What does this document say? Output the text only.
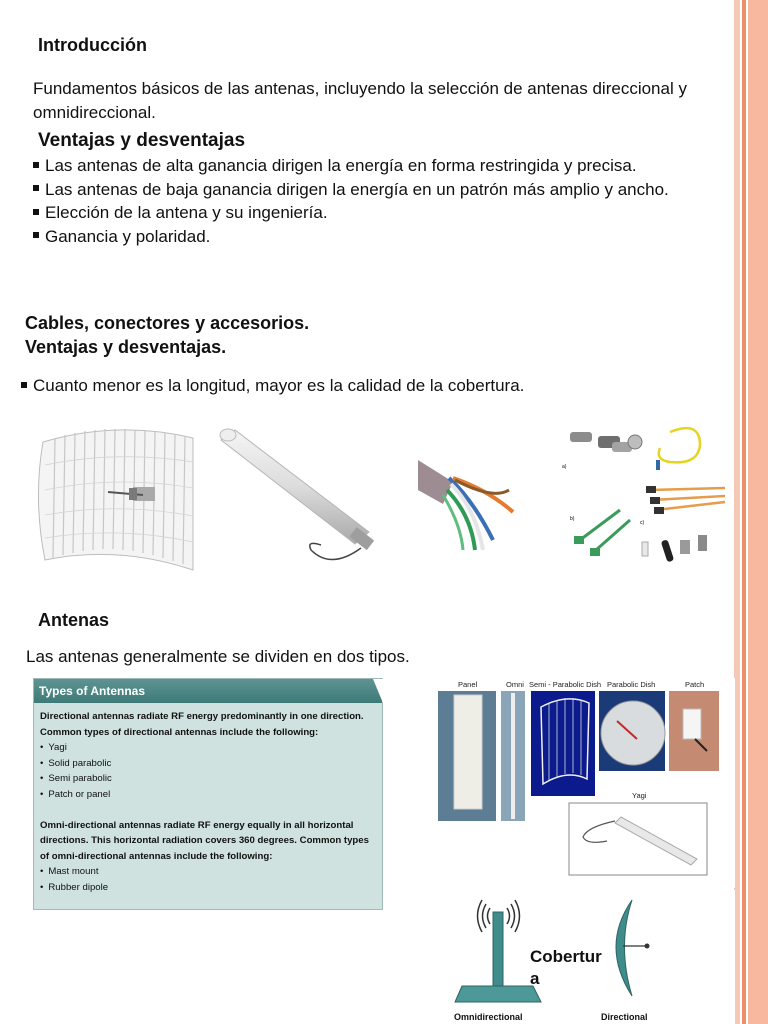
Introducción
Fundamentos básicos de las antenas, incluyendo la selección de antenas direccional y omnidireccional.
Ventajas y desventajas
Las antenas de alta ganancia dirigen la energía en forma restringida y precisa.
Las antenas de baja ganancia dirigen la energía en un patrón más amplio y ancho.
Elección de la antena y su ingeniería.
Ganancia y polaridad.
Cables, conectores y accesorios.
Ventajas y desventajas.
Cuanto menor es la longitud, mayor es la calidad de la cobertura.
a)
b)
c)
Antenas
Las antenas generalmente se dividen en dos tipos.
Types of Antennas
Directional antennas radiate RF energy predominantly in one direction. Common types of directional antennas include the following:
• Yagi
• Solid parabolic
• Semi parabolic
• Patch or panel
Omni-directional antennas radiate RF energy equally in all horizontal directions. This horizontal radiation covers 360 degrees. Common types of omni-directional antennas include the following:
• Mast mount
• Rubber dipole
Panel	Omni Semi - Parabolic Dish Parabolic Dish	Patch
Yagi
Cobertur
a
Omnidirectional	Directional
